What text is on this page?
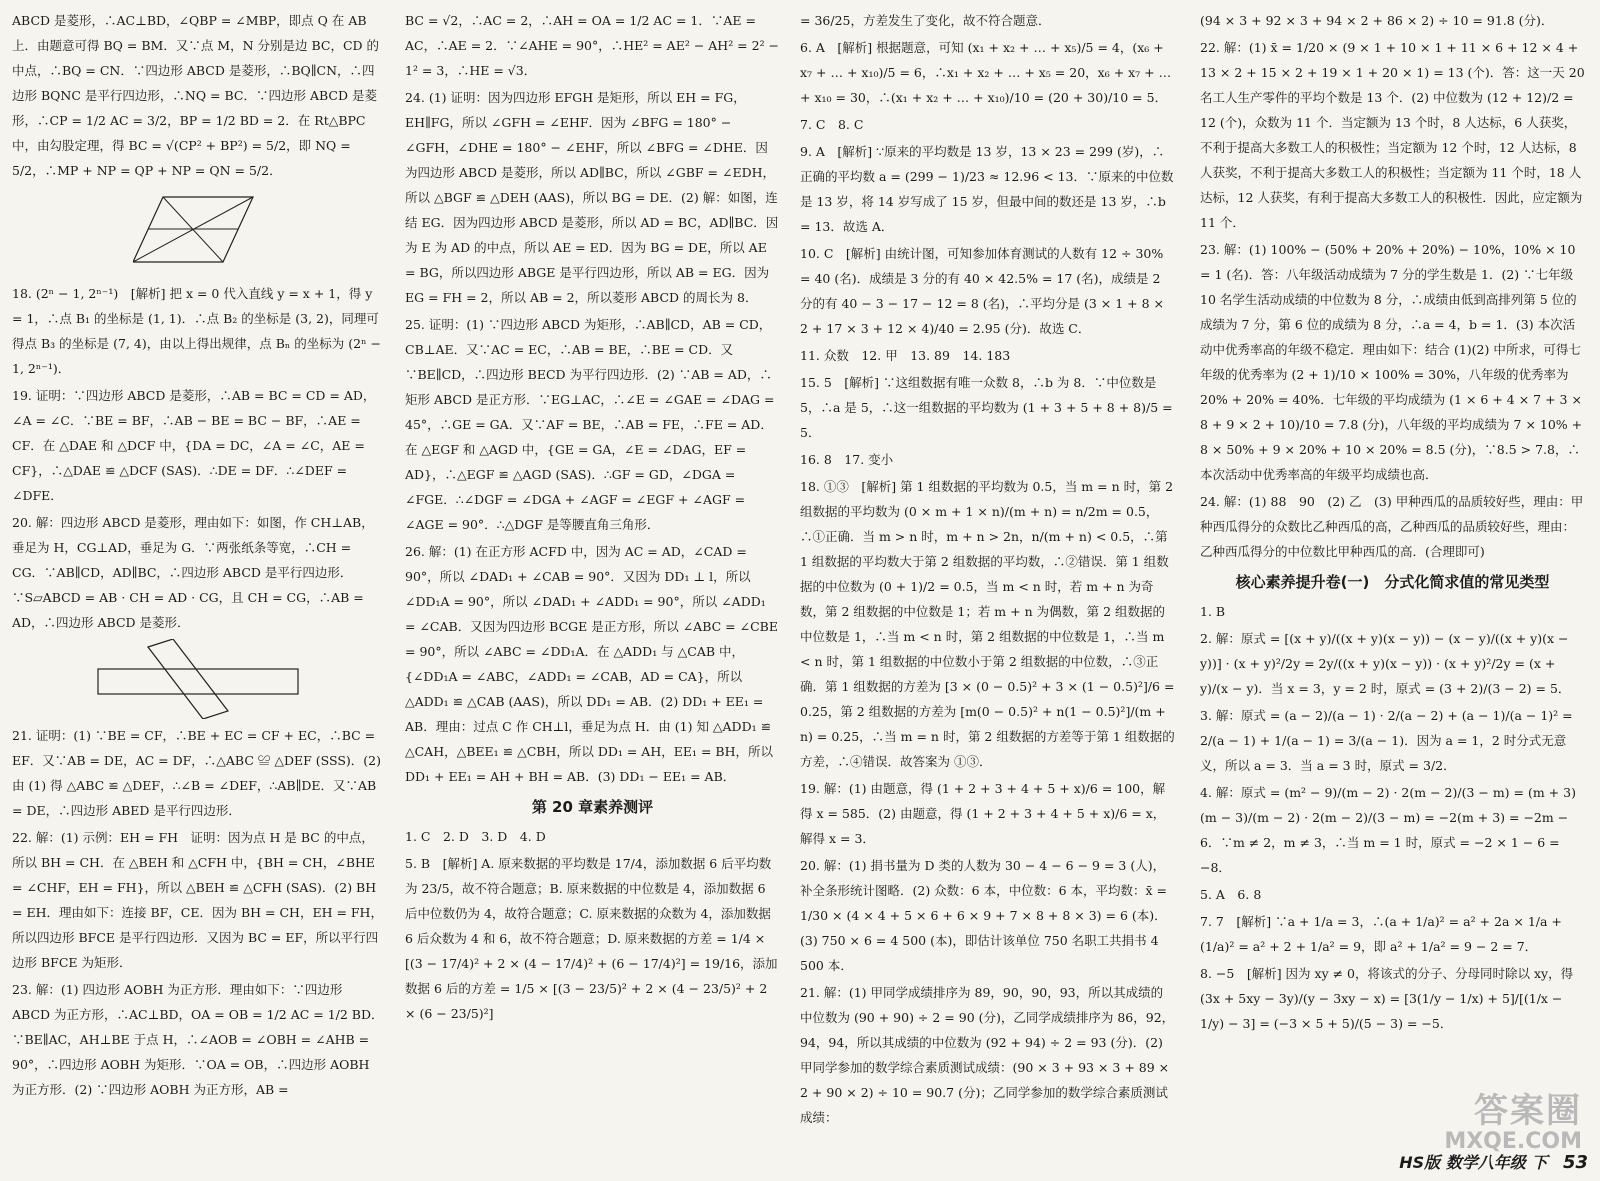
ABCD 是菱形，∴AC⊥BD，∠QBP = ∠MBP，即点 Q 在 AB 上．由题意可得 BQ = BM．又∵点 M，N 分别是边 BC，CD 的中点，∴BQ = CN．∵四边形 ABCD 是菱形，∴BQ∥CN，∴四边形 BQNC 是平行四边形，∴NQ = BC．∵四边形 ABCD 是菱形，∴CP = 1/2 AC = 3/2，BP = 1/2 BD = 2．在 Rt△BPC 中，由勾股定理，得 BC = √(CP² + BP²) = 5/2，即 NQ = 5/2，∴MP + NP = QP + NP = QN = 5/2．

18. (2ⁿ − 1, 2ⁿ⁻¹)　[解析] 把 x = 0 代入直线 y = x + 1，得 y = 1，∴点 B₁ 的坐标是 (1, 1)．∴点 B₂ 的坐标是 (3, 2)，同理可得点 B₃ 的坐标是 (7, 4)，由以上得出规律，点 Bₙ 的坐标为 (2ⁿ − 1, 2ⁿ⁻¹)．

19. 证明：∵四边形 ABCD 是菱形，∴AB = BC = CD = AD，∠A = ∠C．∵BE = BF，∴AB − BE = BC − BF，∴AE = CF．在 △DAE 和 △DCF 中，{DA = DC，∠A = ∠C，AE = CF}，∴△DAE ≌ △DCF (SAS)．∴DE = DF．∴∠DEF = ∠DFE．

20. 解：四边形 ABCD 是菱形，理由如下：如图，作 CH⊥AB，垂足为 H，CG⊥AD，垂足为 G．∵两张纸条等宽，∴CH = CG．∵AB∥CD，AD∥BC，∴四边形 ABCD 是平行四边形．∵S▱ABCD = AB · CH = AD · CG，且 CH = CG，∴AB = AD，∴四边形 ABCD 是菱形．

21. 证明：(1) ∵BE = CF，∴BE + EC = CF + EC，∴BC = EF．又∵AB = DE，AC = DF，∴△ABC ≌ △DEF (SSS)．(2) 由 (1) 得 △ABC ≌ △DEF，∴∠B = ∠DEF，∴AB∥DE．又∵AB = DE，∴四边形 ABED 是平行四边形．

22. 解：(1) 示例：EH = FH　证明：因为点 H 是 BC 的中点，所以 BH = CH．在 △BEH 和 △CFH 中，{BH = CH，∠BHE = ∠CHF，EH = FH}，所以 △BEH ≌ △CFH (SAS)．(2) BH = EH．理由如下：连接 BF，CE．因为 BH = CH，EH = FH，所以四边形 BFCE 是平行四边形．又因为 BC = EF，所以平行四边形 BFCE 为矩形．

23. 解：(1) 四边形 AOBH 为正方形．理由如下：∵四边形 ABCD 为正方形，∴AC⊥BD，OA = OB = 1/2 AC = 1/2 BD．∵BE∥AC，AH⊥BE 于点 H，∴∠AOB = ∠OBH = ∠AHB = 90°，∴四边形 AOBH 为矩形．∵OA = OB，∴四边形 AOBH 为正方形．(2) ∵四边形 AOBH 为正方形，AB =

BC = √2，∴AC = 2，∴AH = OA = 1/2 AC = 1．∵AE = AC，∴AE = 2．∵∠AHE = 90°，∴HE² = AE² − AH² = 2² − 1² = 3，∴HE = √3．

24. (1) 证明：因为四边形 EFGH 是矩形，所以 EH = FG，EH∥FG，所以 ∠GFH = ∠EHF．因为 ∠BFG = 180° − ∠GFH，∠DHE = 180° − ∠EHF，所以 ∠BFG = ∠DHE．因为四边形 ABCD 是菱形，所以 AD∥BC，所以 ∠GBF = ∠EDH，所以 △BGF ≌ △DEH (AAS)，所以 BG = DE．(2) 解：如图，连结 EG．因为四边形 ABCD 是菱形，所以 AD = BC，AD∥BC．因为 E 为 AD 的中点，所以 AE = ED．因为 BG = DE，所以 AE = BG，所以四边形 ABGE 是平行四边形，所以 AB = EG．因为 EG = FH = 2，所以 AB = 2，所以菱形 ABCD 的周长为 8．

25. 证明：(1) ∵四边形 ABCD 为矩形，∴AB∥CD，AB = CD，CB⊥AE．又∵AC = EC，∴AB = BE，∴BE = CD．又∵BE∥CD，∴四边形 BECD 为平行四边形．(2) ∵AB = AD，∴矩形 ABCD 是正方形．∵EG⊥AC，∴∠E = ∠GAE = ∠DAG = 45°，∴GE = GA．又∵AF = BE，∴AB = FE，∴FE = AD．在 △EGF 和 △AGD 中，{GE = GA，∠E = ∠DAG，EF = AD}，∴△EGF ≌ △AGD (SAS)．∴GF = GD，∠DGA = ∠FGE．∴∠DGF = ∠DGA + ∠AGF = ∠EGF + ∠AGF = ∠AGE = 90°．∴△DGF 是等腰直角三角形．

26. 解：(1) 在正方形 ACFD 中，因为 AC = AD，∠CAD = 90°，所以 ∠DAD₁ + ∠CAB = 90°．又因为 DD₁ ⊥ l，所以 ∠DD₁A = 90°，所以 ∠DAD₁ + ∠ADD₁ = 90°，所以 ∠ADD₁ = ∠CAB．又因为四边形 BCGE 是正方形，所以 ∠ABC = ∠CBE = 90°，所以 ∠ABC = ∠DD₁A．在 △ADD₁ 与 △CAB 中，{∠DD₁A = ∠ABC，∠ADD₁ = ∠CAB，AD = CA}，所以 △ADD₁ ≌ △CAB (AAS)，所以 DD₁ = AB．(2) DD₁ + EE₁ = AB．理由：过点 C 作 CH⊥l，垂足为点 H．由 (1) 知 △ADD₁ ≌ △CAH，△BEE₁ ≌ △CBH，所以 DD₁ = AH，EE₁ = BH，所以 DD₁ + EE₁ = AH + BH = AB．(3) DD₁ − EE₁ = AB．

第 20 章素养测评

1. C　2. D　3. D　4. D

5. B　[解析] A. 原来数据的平均数是 17/4，添加数据 6 后平均数为 23/5，故不符合题意；B. 原来数据的中位数是 4，添加数据 6 后中位数仍为 4，故符合题意；C. 原来数据的众数为 4，添加数据 6 后众数为 4 和 6，故不符合题意；D. 原来数据的方差 = 1/4 × [(3 − 17/4)² + 2 × (4 − 17/4)² + (6 − 17/4)²] = 19/16，添加数据 6 后的方差 = 1/5 × [(3 − 23/5)² + 2 × (4 − 23/5)² + 2 × (6 − 23/5)²]

= 36/25，方差发生了变化，故不符合题意．

6. A　[解析] 根据题意，可知 (x₁ + x₂ + … + x₅)/5 = 4，(x₆ + x₇ + … + x₁₀)/5 = 6，∴x₁ + x₂ + … + x₅ = 20，x₆ + x₇ + … + x₁₀ = 30，∴(x₁ + x₂ + … + x₁₀)/10 = (20 + 30)/10 = 5．

7. C　8. C

9. A　[解析] ∵原来的平均数是 13 岁，13 × 23 = 299 (岁)，∴正确的平均数 a = (299 − 1)/23 ≈ 12.96 < 13．∵原来的中位数是 13 岁，将 14 岁写成了 15 岁，但最中间的数还是 13 岁，∴b = 13．故选 A．

10. C　[解析] 由统计图，可知参加体育测试的人数有 12 ÷ 30% = 40 (名)．成绩是 3 分的有 40 × 42.5% = 17 (名)，成绩是 2 分的有 40 − 3 − 17 − 12 = 8 (名)，∴平均分是 (3 × 1 + 8 × 2 + 17 × 3 + 12 × 4)/40 = 2.95 (分)．故选 C．

11. 众数　12. 甲　13. 89　14. 183

15. 5　[解析] ∵这组数据有唯一众数 8，∴b 为 8．∵中位数是 5，∴a 是 5，∴这一组数据的平均数为 (1 + 3 + 5 + 8 + 8)/5 = 5．

16. 8　17. 变小

18. ①③　[解析] 第 1 组数据的平均数为 0.5，当 m = n 时，第 2 组数据的平均数为 (0 × m + 1 × n)/(m + n) = n/2m = 0.5，∴①正确．当 m > n 时，m + n > 2n，n/(m + n) < 0.5，∴第 1 组数据的平均数大于第 2 组数据的平均数，∴②错误．第 1 组数据的中位数为 (0 + 1)/2 = 0.5，当 m < n 时，若 m + n 为奇数，第 2 组数据的中位数是 1；若 m + n 为偶数，第 2 组数据的中位数是 1，∴当 m < n 时，第 2 组数据的中位数是 1，∴当 m < n 时，第 1 组数据的中位数小于第 2 组数据的中位数，∴③正确．第 1 组数据的方差为 [3 × (0 − 0.5)² + 3 × (1 − 0.5)²]/6 = 0.25，第 2 组数据的方差为 [m(0 − 0.5)² + n(1 − 0.5)²]/(m + n) = 0.25，∴当 m = n 时，第 2 组数据的方差等于第 1 组数据的方差，∴④错误．故答案为 ①③．

19. 解：(1) 由题意，得 (1 + 2 + 3 + 4 + 5 + x)/6 = 100，解得 x = 585．(2) 由题意，得 (1 + 2 + 3 + 4 + 5 + x)/6 = x，解得 x = 3．

20. 解：(1) 捐书量为 D 类的人数为 30 − 4 − 6 − 9 = 3 (人)，补全条形统计图略．(2) 众数：6 本，中位数：6 本，平均数：x̄ = 1/30 × (4 × 4 + 5 × 6 + 6 × 9 + 7 × 8 + 8 × 3) = 6 (本)．(3) 750 × 6 = 4 500 (本)，即估计该单位 750 名职工共捐书 4 500 本．

21. 解：(1) 甲同学成绩排序为 89，90，90，93，所以其成绩的中位数为 (90 + 90) ÷ 2 = 90 (分)，乙同学成绩排序为 86，92，94，94，所以其成绩的中位数为 (92 + 94) ÷ 2 = 93 (分)．(2) 甲同学参加的数学综合素质测试成绩：(90 × 3 + 93 × 3 + 89 × 2 + 90 × 2) ÷ 10 = 90.7 (分)；乙同学参加的数学综合素质测试成绩：

(94 × 3 + 92 × 3 + 94 × 2 + 86 × 2) ÷ 10 = 91.8 (分)．

22. 解：(1) x̄ = 1/20 × (9 × 1 + 10 × 1 + 11 × 6 + 12 × 4 + 13 × 2 + 15 × 2 + 19 × 1 + 20 × 1) = 13 (个)．答：这一天 20 名工人生产零件的平均个数是 13 个．(2) 中位数为 (12 + 12)/2 = 12 (个)，众数为 11 个．当定额为 13 个时，8 人达标，6 人获奖，不利于提高大多数工人的积极性；当定额为 12 个时，12 人达标，8 人获奖，不利于提高大多数工人的积极性；当定额为 11 个时，18 人达标，12 人获奖，有利于提高大多数工人的积极性．因此，应定额为 11 个．

23. 解：(1) 100% − (50% + 20% + 20%) − 10%，10% × 10 = 1 (名)．答：八年级活动成绩为 7 分的学生数是 1．(2) ∵七年级 10 名学生活动成绩的中位数为 8 分，∴成绩由低到高排列第 5 位的成绩为 7 分，第 6 位的成绩为 8 分，∴a = 4，b = 1．(3) 本次活动中优秀率高的年级不稳定．理由如下：结合 (1)(2) 中所求，可得七年级的优秀率为 (2 + 1)/10 × 100% = 30%，八年级的优秀率为 20% + 20% = 40%．七年级的平均成绩为 (1 × 6 + 4 × 7 + 3 × 8 + 9 × 2 + 10)/10 = 7.8 (分)，八年级的平均成绩为 7 × 10% + 8 × 50% + 9 × 20% + 10 × 20% = 8.5 (分)，∵8.5 > 7.8，∴本次活动中优秀率高的年级平均成绩也高．

24. 解：(1) 88　90　(2) 乙　(3) 甲种西瓜的品质较好些，理由：甲种西瓜得分的众数比乙种西瓜的高，乙种西瓜的品质较好些，理由：乙种西瓜得分的中位数比甲种西瓜的高．(合理即可)

核心素养提升卷(一)　分式化简求值的常见类型

1. B

2. 解：原式 = [(x + y)/((x + y)(x − y)) − (x − y)/((x + y)(x − y))] · (x + y)²/2y = 2y/((x + y)(x − y)) · (x + y)²/2y = (x + y)/(x − y)．当 x = 3，y = 2 时，原式 = (3 + 2)/(3 − 2) = 5．

3. 解：原式 = (a − 2)/(a − 1) · 2/(a − 2) + (a − 1)/(a − 1)² = 2/(a − 1) + 1/(a − 1) = 3/(a − 1)．因为 a = 1，2 时分式无意义，所以 a = 3．当 a = 3 时，原式 = 3/2．

4. 解：原式 = (m² − 9)/(m − 2) · 2(m − 2)/(3 − m) = (m + 3)(m − 3)/(m − 2) · 2(m − 2)/(3 − m) = −2(m + 3) = −2m − 6．∵m ≠ 2，m ≠ 3，∴当 m = 1 时，原式 = −2 × 1 − 6 = −8．

5. A　6. 8

7. 7　[解析] ∵a + 1/a = 3，∴(a + 1/a)² = a² + 2a × 1/a + (1/a)² = a² + 2 + 1/a² = 9，即 a² + 1/a² = 9 − 2 = 7．

8. −5　[解析] 因为 xy ≠ 0，将该式的分子、分母同时除以 xy，得 (3x + 5xy − 3y)/(y − 3xy − x) = [3(1/y − 1/x) + 5]/[(1/x − 1/y) − 3] = (−3 × 5 + 5)/(5 − 3) = −5．

答案圈
MXQE.COM
HS版 数学八年级 下 53
